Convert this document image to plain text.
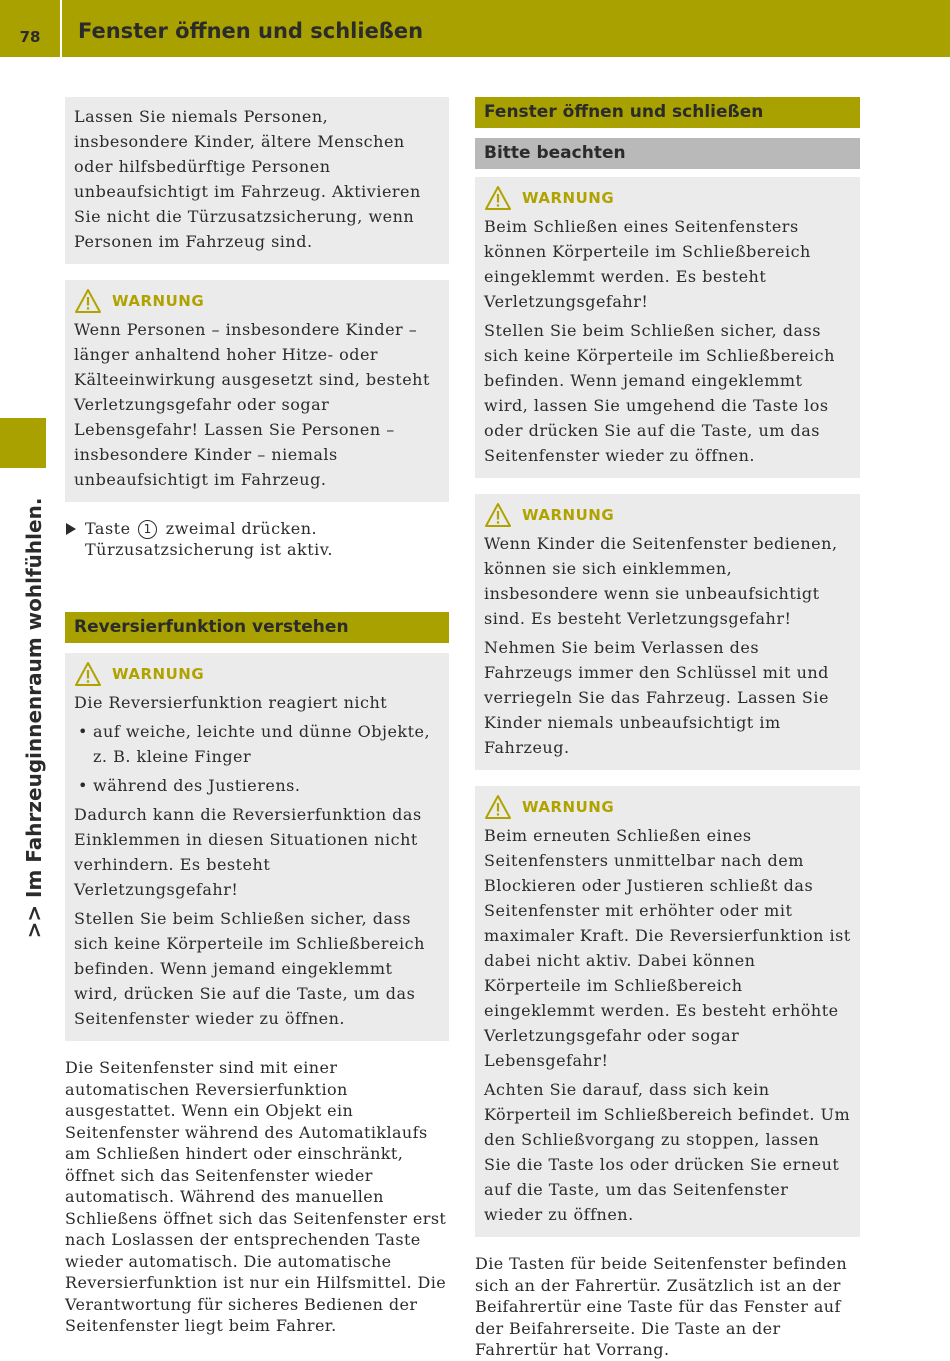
78	Fenster öffnen und schließen
>> Im Fahrzeuginnenraum wohlfühlen.

Lassen Sie niemals Personen, insbesondere Kinder, ältere Menschen oder hilfsbedürftige Personen unbeaufsichtigt im Fahrzeug. Aktivieren Sie nicht die Türzusatzsicherung, wenn Personen im Fahrzeug sind.

WARNUNG

Wenn Personen – insbesondere Kinder – länger anhaltend hoher Hitze- oder Kälteeinwirkung ausgesetzt sind, besteht Verletzungsgefahr oder sogar Lebensgefahr! Lassen Sie Personen – insbesondere Kinder – niemals unbeaufsichtigt im Fahrzeug.

Taste 1 zweimal drücken.
Türzusatzsicherung ist aktiv.
Reversierfunktion verstehen
WARNUNG

Die Reversierfunktion reagiert nicht

• auf weiche, leichte und dünne Objekte, z. B. kleine Finger
• während des Justierens.

Dadurch kann die Reversierfunktion das Einklemmen in diesen Situationen nicht verhindern. Es besteht Verletzungsgefahr!

Stellen Sie beim Schließen sicher, dass sich keine Körperteile im Schließbereich befinden. Wenn jemand eingeklemmt wird, drücken Sie auf die Taste, um das Seitenfenster wieder zu öffnen.

Die Seitenfenster sind mit einer automatischen Reversierfunktion ausgestattet. Wenn ein Objekt ein Seitenfenster während des Automatiklaufs am Schließen hindert oder einschränkt, öffnet sich das Seitenfenster wieder automatisch. Während des manuellen Schließens öffnet sich das Seitenfenster erst nach Loslassen der entsprechenden Taste wieder automatisch. Die automatische Reversierfunktion ist nur ein Hilfsmittel. Die Verantwortung für sicheres Bedienen der Seitenfenster liegt beim Fahrer.

Fenster öffnen und schließen
Bitte beachten
WARNUNG

Beim Schließen eines Seitenfensters können Körperteile im Schließbereich eingeklemmt werden. Es besteht Verletzungsgefahr!

Stellen Sie beim Schließen sicher, dass sich keine Körperteile im Schließbereich befinden. Wenn jemand eingeklemmt wird, lassen Sie umgehend die Taste los oder drücken Sie auf die Taste, um das Seitenfenster wieder zu öffnen.

WARNUNG

Wenn Kinder die Seitenfenster bedienen, können sie sich einklemmen, insbesondere wenn sie unbeaufsichtigt sind. Es besteht Verletzungsgefahr!

Nehmen Sie beim Verlassen des Fahrzeugs immer den Schlüssel mit und verriegeln Sie das Fahrzeug. Lassen Sie Kinder niemals unbeaufsichtigt im Fahrzeug.

WARNUNG

Beim erneuten Schließen eines Seitenfensters unmittelbar nach dem Blockieren oder Justieren schließt das Seitenfenster mit erhöhter oder mit maximaler Kraft. Die Reversierfunktion ist dabei nicht aktiv. Dabei können Körperteile im Schließbereich eingeklemmt werden. Es besteht erhöhte Verletzungsgefahr oder sogar Lebensgefahr!

Achten Sie darauf, dass sich kein Körperteil im Schließbereich befindet. Um den Schließvorgang zu stoppen, lassen Sie die Taste los oder drücken Sie erneut auf die Taste, um das Seitenfenster wieder zu öffnen.

Die Tasten für beide Seitenfenster befinden sich an der Fahrertür. Zusätzlich ist an der Beifahrertür eine Taste für das Fenster auf der Beifahrerseite. Die Taste an der Fahrertür hat Vorrang.
